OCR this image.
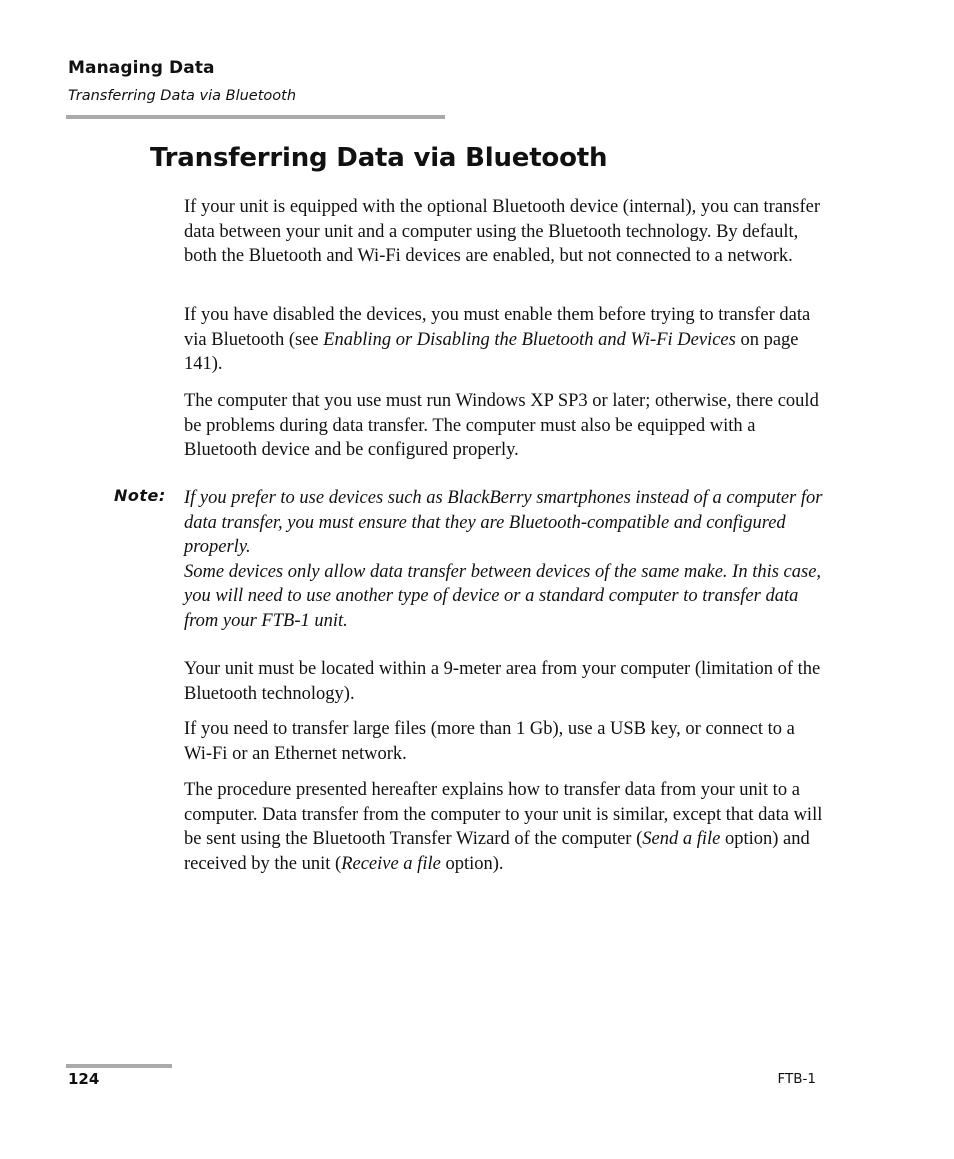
Managing Data
Transferring Data via Bluetooth
Transferring Data via Bluetooth

If your unit is equipped with the optional Bluetooth device (internal), you can transfer data between your unit and a computer using the Bluetooth technology. By default, both the Bluetooth and Wi-Fi devices are enabled, but not connected to a network.

If you have disabled the devices, you must enable them before trying to transfer data via Bluetooth (see Enabling or Disabling the Bluetooth and Wi-Fi Devices on page 141).

The computer that you use must run Windows XP SP3 or later; otherwise, there could be problems during data transfer. The computer must also be equipped with a Bluetooth device and be configured properly.

Note: If you prefer to use devices such as BlackBerry smartphones instead of a computer for data transfer, you must ensure that they are Bluetooth-compatible and configured properly.

Some devices only allow data transfer between devices of the same make. In this case, you will need to use another type of device or a standard computer to transfer data from your FTB-1 unit.

Your unit must be located within a 9-meter area from your computer (limitation of the Bluetooth technology).

If you need to transfer large files (more than 1 Gb), use a USB key, or connect to a Wi-Fi or an Ethernet network.

The procedure presented hereafter explains how to transfer data from your unit to a computer. Data transfer from the computer to your unit is similar, except that data will be sent using the Bluetooth Transfer Wizard of the computer (Send a file option) and received by the unit (Receive a file option).

124	FTB-1
